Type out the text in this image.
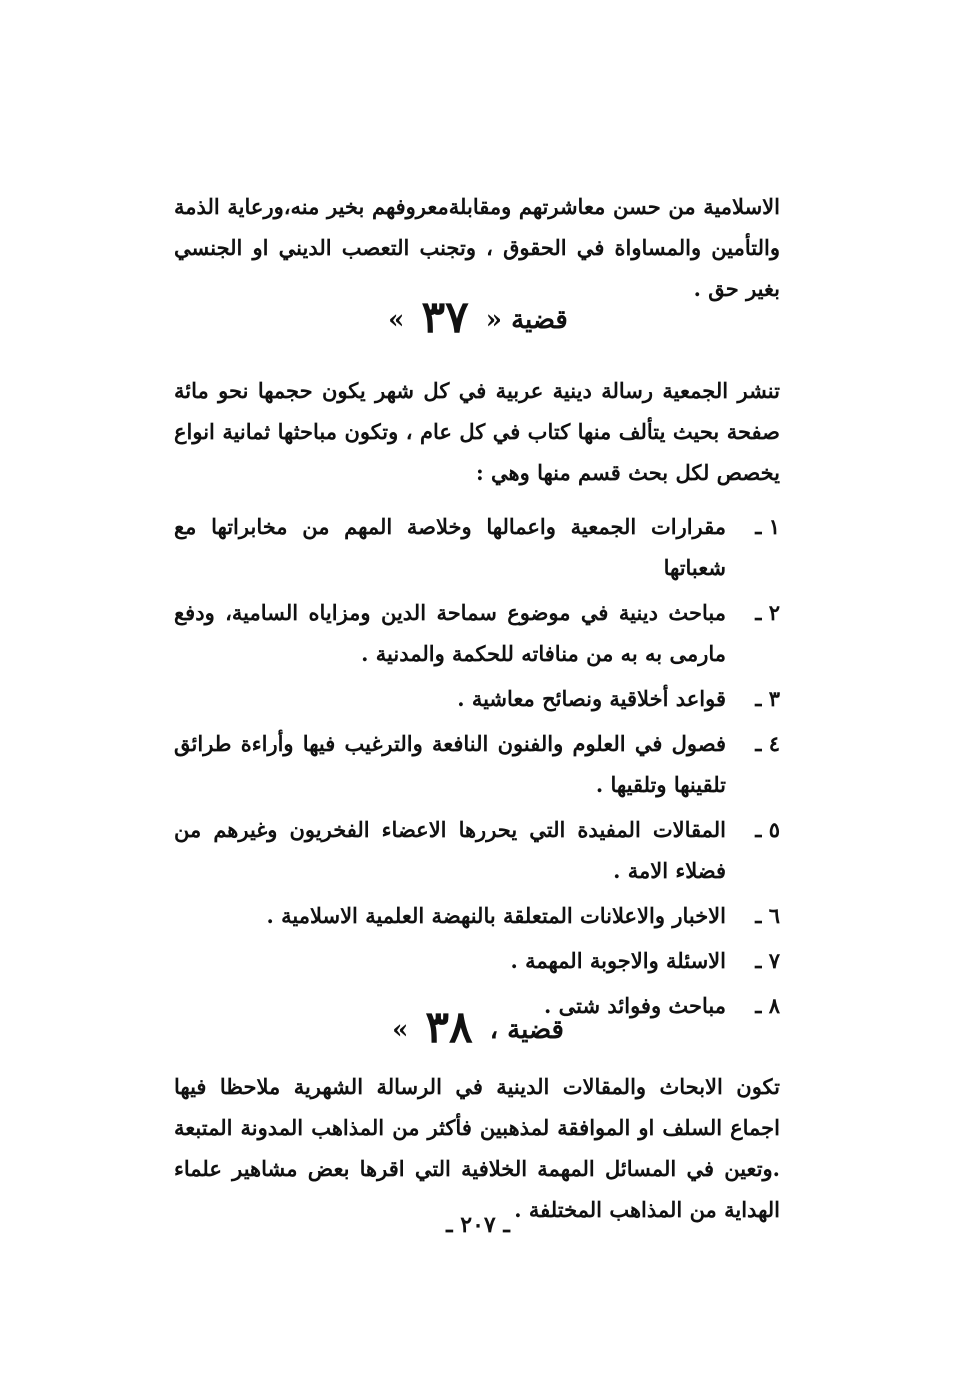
الاسلامية من حسن معاشرتهم ومقابلةمعروفهم بخير منه،ورعاية الذمة والتأمين والمساواة في الحقوق ، وتجنب التعصب الديني او الجنسي بغير حق .

قضية « ٣٧ »

تنشر الجمعية رسالة دينية عربية في كل شهر يكون حجمها نحو مائة صفحة بحيث يتألف منها كتاب في كل عام ، وتكون مباحثها ثمانية انواع يخصص لكل بحث قسم منها وهي :

١ ـ
مقرارات الجمعية واعمالها وخلاصة المهم من مخابراتها مع شعباتها
٢ ـ
مباحث دينية في موضوع سماحة الدين ومزاياه السامية، ودفع مارمى به به من منافاته للحكمة والمدنية .
٣ ـ
قواعد أخلاقية ونصائح معاشية .
٤ ـ
فصول في العلوم والفنون النافعة والترغيب فيها وأراءة طرائق تلقينها وتلقيها .
٥ ـ
المقالات المفيدة التي يحررها الاعضاء الفخريون وغيرهم من فضلاء الامة .
٦ ـ
الاخبار والاعلانات المتعلقة بالنهضة العلمية الاسلامية .
٧ ـ
الاسئلة والاجوبة المهمة .
٨ ـ
مباحث وفوائد شتى .
قضية ، ٣٨ »

تكون الابحاث والمقالات الدينية في الرسالة الشهرية ملاحظا فيها اجماع السلف او الموافقة لمذهبين فأكثر من المذاهب المدونة المتبعة .وتعين في المسائل المهمة الخلافية التي اقرها بعض مشاهير علماء الهداية من المذاهب المختلفة .

ـ ٢٠٧ ـ
